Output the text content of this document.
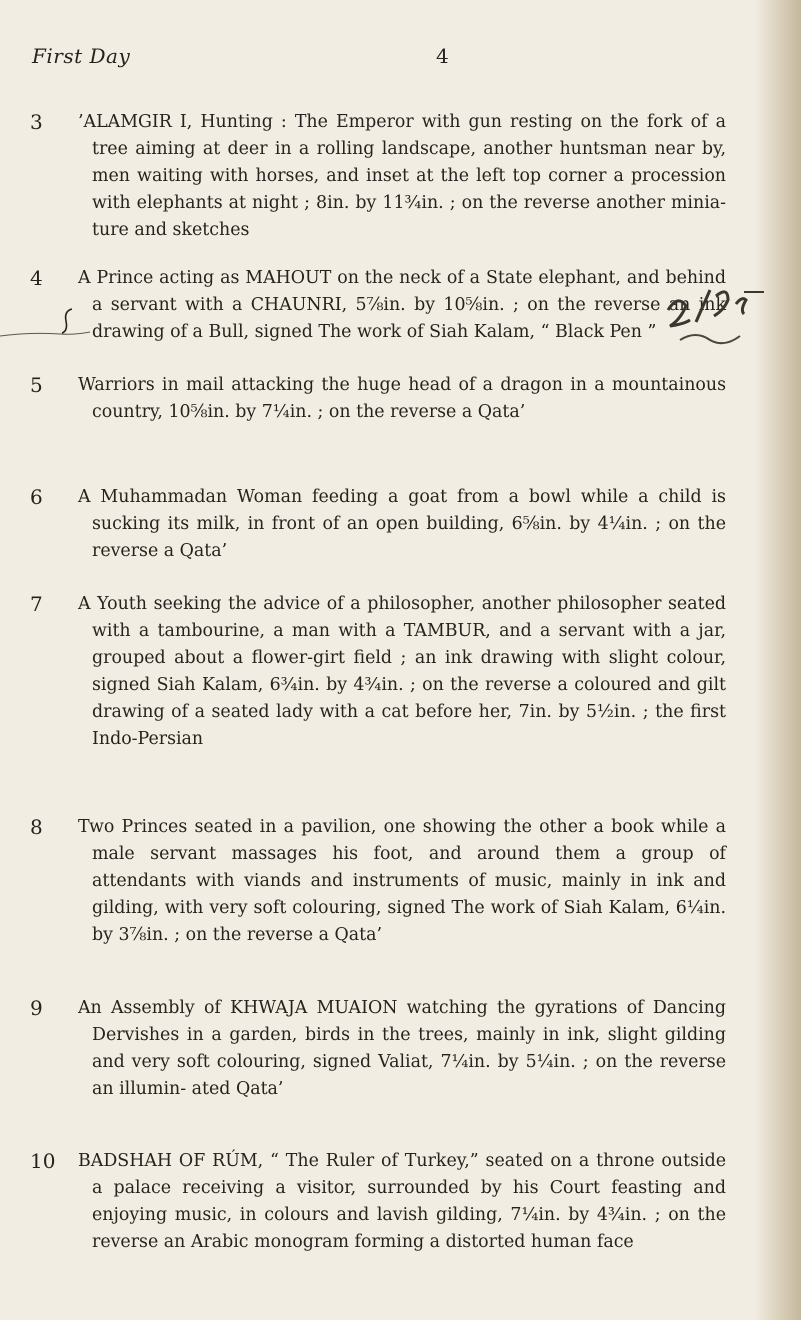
First Day	4
3	’ALAMGIR I, Hunting : The Emperor with gun resting on the fork of a tree aiming at deer in a rolling landscape, another huntsman near by, men waiting with horses, and inset at the left top corner a procession with elephants at night ; 8in. by 11¾in. ; on the reverse another minia- ture and sketches
4	A Prince acting as MAHOUT on the neck of a State elephant, and behind a servant with a CHAUNRI, 5⅞in. by 10⅝in. ; on the reverse an ink drawing of a Bull, signed The work of Siah Kalam, “ Black Pen ”
5	Warriors in mail attacking the huge head of a dragon in a mountainous country, 10⅝in. by 7¼in. ; on the reverse a Qata’
6	A Muhammadan Woman feeding a goat from a bowl while a child is sucking its milk, in front of an open building, 6⅝in. by 4¼in. ; on the reverse a Qata’
7	A Youth seeking the advice of a philosopher, another philosopher seated with a tambourine, a man with a TAMBUR, and a servant with a jar, grouped about a flower-girt field ; an ink drawing with slight colour, signed Siah Kalam, 6¾in. by 4¾in. ; on the reverse a coloured and gilt drawing of a seated lady with a cat before her, 7in. by 5½in. ; the first Indo-Persian
8	Two Princes seated in a pavilion, one showing the other a book while a male servant massages his foot, and around them a group of attendants with viands and instruments of music, mainly in ink and gilding, with very soft colouring, signed The work of Siah Kalam, 6¼in. by 3⅞in. ; on the reverse a Qata’
9	An Assembly of KHWAJA MUAION watching the gyrations of Dancing Dervishes in a garden, birds in the trees, mainly in ink, slight gilding and very soft colouring, signed Valiat, 7¼in. by 5¼in. ; on the reverse an illumin- ated Qata’
10	BADSHAH OF RÚM, “ The Ruler of Turkey,” seated on a throne outside a palace receiving a visitor, surrounded by his Court feasting and enjoying music, in colours and lavish gilding, 7¼in. by 4¾in. ; on the reverse an Arabic monogram forming a distorted human face
